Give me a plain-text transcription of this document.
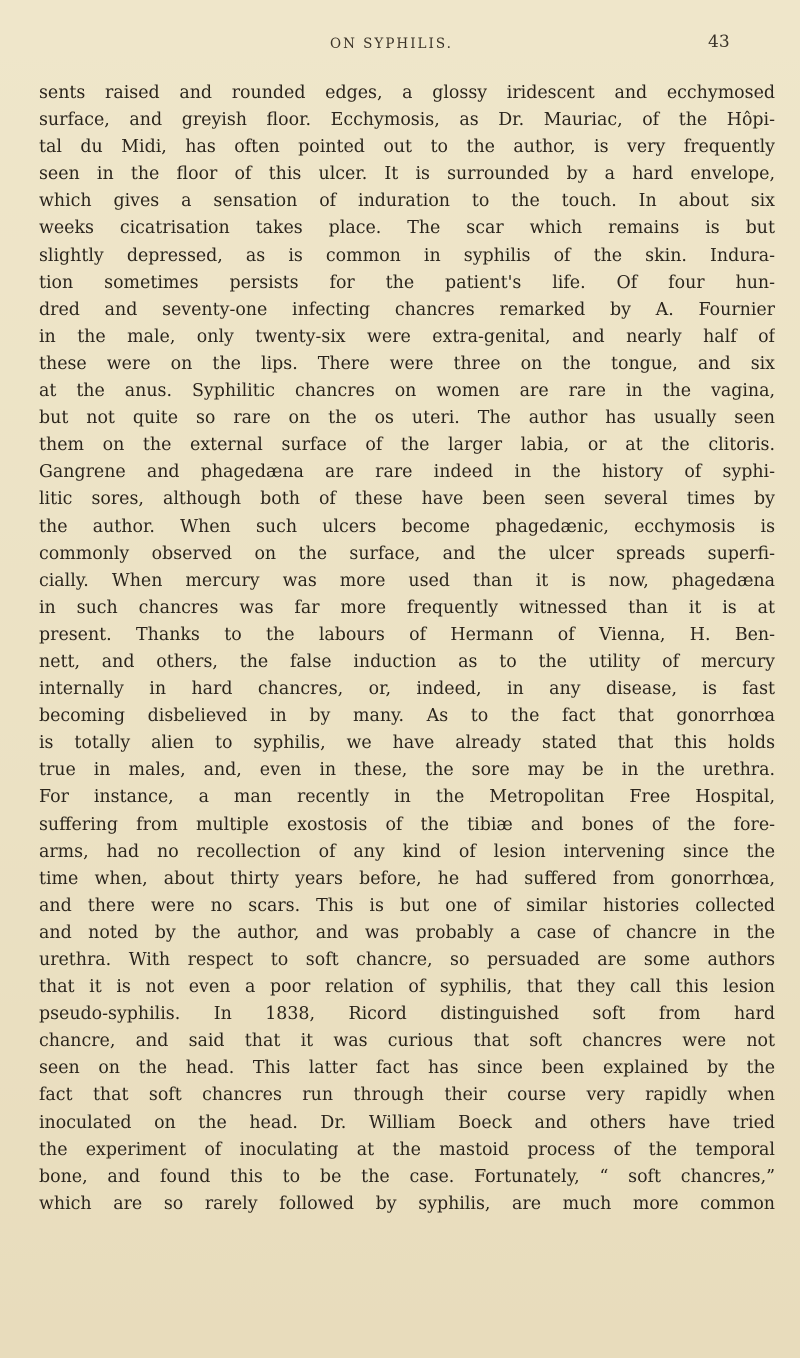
ON SYPHILIS.	43
sents raised and rounded edges, a glossy iridescent and ecchymosed
surface, and greyish floor. Ecchymosis, as Dr. Mauriac, of the Hôpi-
tal du Midi, has often pointed out to the author, is very frequently
seen in the floor of this ulcer. It is surrounded by a hard envelope,
which gives a sensation of induration to the touch. In about six
weeks cicatrisation takes place. The scar which remains is but
slightly depressed, as is common in syphilis of the skin. Indura-
tion sometimes persists for the patient's life. Of four hun-
dred and seventy-one infecting chancres remarked by A. Fournier
in the male, only twenty-six were extra-genital, and nearly half of
these were on the lips. There were three on the tongue, and six
at the anus. Syphilitic chancres on women are rare in the vagina,
but not quite so rare on the os uteri. The author has usually seen
them on the external surface of the larger labia, or at the clitoris.
Gangrene and phagedæna are rare indeed in the history of syphi-
litic sores, although both of these have been seen several times by
the author. When such ulcers become phagedænic, ecchymosis is
commonly observed on the surface, and the ulcer spreads superfi-
cially. When mercury was more used than it is now, phagedæna
in such chancres was far more frequently witnessed than it is at
present. Thanks to the labours of Hermann of Vienna, H. Ben-
nett, and others, the false induction as to the utility of mercury
internally in hard chancres, or, indeed, in any disease, is fast
becoming disbelieved in by many. As to the fact that gonorrhœa
is totally alien to syphilis, we have already stated that this holds
true in males, and, even in these, the sore may be in the urethra.
For instance, a man recently in the Metropolitan Free Hospital,
suffering from multiple exostosis of the tibiæ and bones of the fore-
arms, had no recollection of any kind of lesion intervening since the
time when, about thirty years before, he had suffered from gonorrhœa,
and there were no scars. This is but one of similar histories collected
and noted by the author, and was probably a case of chancre in the
urethra. With respect to soft chancre, so persuaded are some authors
that it is not even a poor relation of syphilis, that they call this lesion
pseudo-syphilis. In 1838, Ricord distinguished soft from hard
chancre, and said that it was curious that soft chancres were not
seen on the head. This latter fact has since been explained by the
fact that soft chancres run through their course very rapidly when
inoculated on the head. Dr. William Boeck and others have tried
the experiment of inoculating at the mastoid process of the temporal
bone, and found this to be the case. Fortunately, “ soft chancres,”
which are so rarely followed by syphilis, are much more common
